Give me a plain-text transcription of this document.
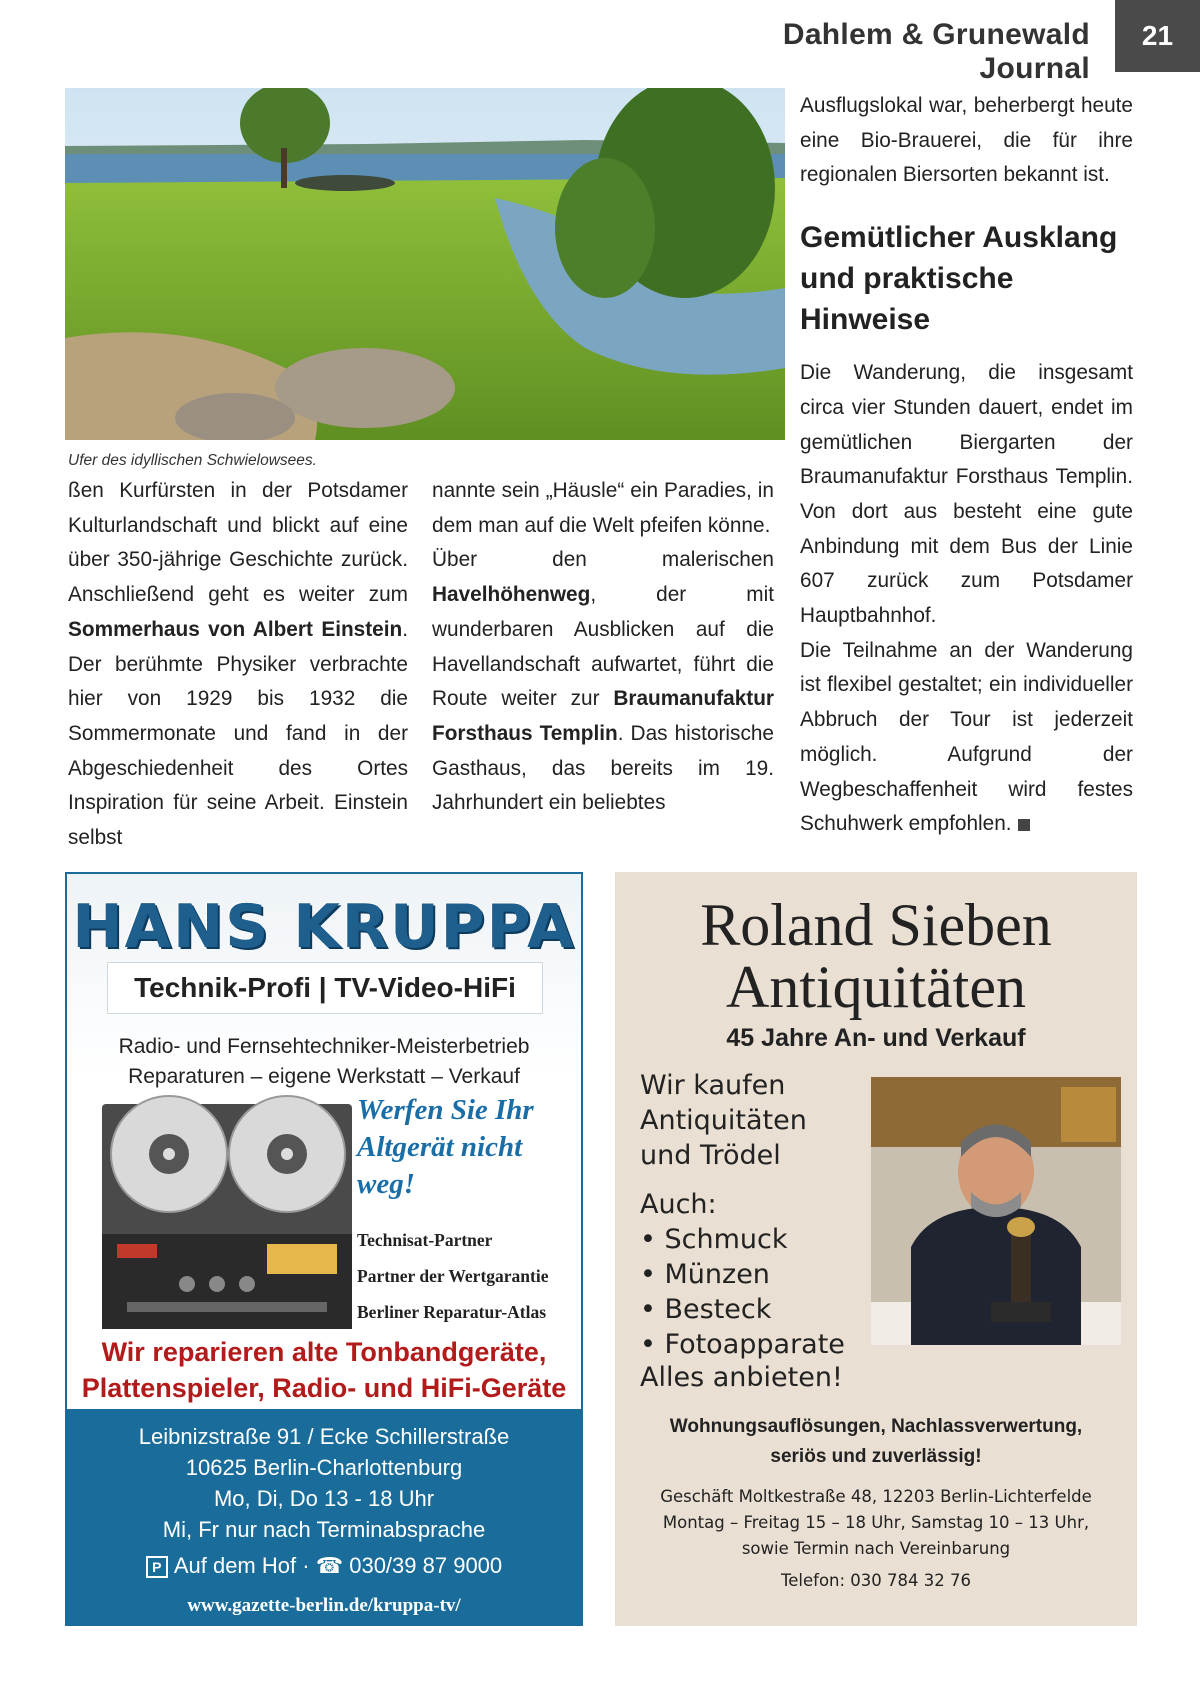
Dahlem & Grunewald Journal
21
Ufer des idyllischen Schwielowsees.

ßen Kurfürsten in der Potsdamer Kulturlandschaft und blickt auf eine über 350-jährige Geschichte zurück. Anschließend geht es weiter zum Sommerhaus von Albert Einstein. Der berühmte Physiker verbrachte hier von 1929 bis 1932 die Sommermonate und fand in der Abgeschiedenheit des Ortes Inspiration für seine Arbeit. Einstein selbst

nannte sein „Häusle“ ein Paradies, in dem man auf die Welt pfeifen könne.

Über den malerischen Havelhöhenweg, der mit wunderbaren Ausblicken auf die Havellandschaft aufwartet, führt die Route weiter zur Braumanufaktur Forsthaus Templin. Das historische Gasthaus, das bereits im 19. Jahrhundert ein beliebtes

Ausflugslokal war, beherbergt heute eine Bio-Brauerei, die für ihre regionalen Biersorten bekannt ist.

Gemütlicher Ausklang und praktische Hinweise

Die Wanderung, die insgesamt circa vier Stunden dauert, endet im gemütlichen Biergarten der Braumanufaktur Forsthaus Templin. Von dort aus besteht eine gute Anbindung mit dem Bus der Linie 607 zurück zum Potsdamer Hauptbahnhof.

Die Teilnahme an der Wanderung ist flexibel gestaltet; ein individueller Abbruch der Tour ist jederzeit möglich. Aufgrund der Wegbeschaffenheit wird festes Schuhwerk empfohlen.

HANS KRUPPA
Technik-Profi | TV-Video-HiFi
Radio- und Fernsehtechniker-Meisterbetrieb
Reparaturen – eigene Werkstatt – Verkauf
Werfen Sie Ihr Altgerät nicht weg!
Technisat-Partner
Partner der Wertgarantie
Berliner Reparatur-Atlas
Wir reparieren alte Tonbandgeräte,
Plattenspieler, Radio- und HiFi-Geräte
Leibnizstraße 91 / Ecke Schillerstraße
10625 Berlin-Charlottenburg
Mo, Di, Do 13 - 18 Uhr
Mi, Fr nur nach Terminabsprache
P Auf dem Hof · ☎ 030/39 87 9000
www.gazette-berlin.de/kruppa-tv/
Roland Sieben
Antiquitäten
45 Jahre An- und Verkauf
Wir kaufen
Antiquitäten
und Trödel
Auch:
• Schmuck
• Münzen
• Besteck
• Fotoapparate
Alles anbieten!
Wohnungsauflösungen, Nachlassverwertung,
seriös und zuverlässig!
Geschäft Moltkestraße 48, 12203 Berlin-Lichterfelde
Montag – Freitag 15 – 18 Uhr, Samstag 10 – 13 Uhr,
sowie Termin nach Vereinbarung
Telefon: 030 784 32 76
